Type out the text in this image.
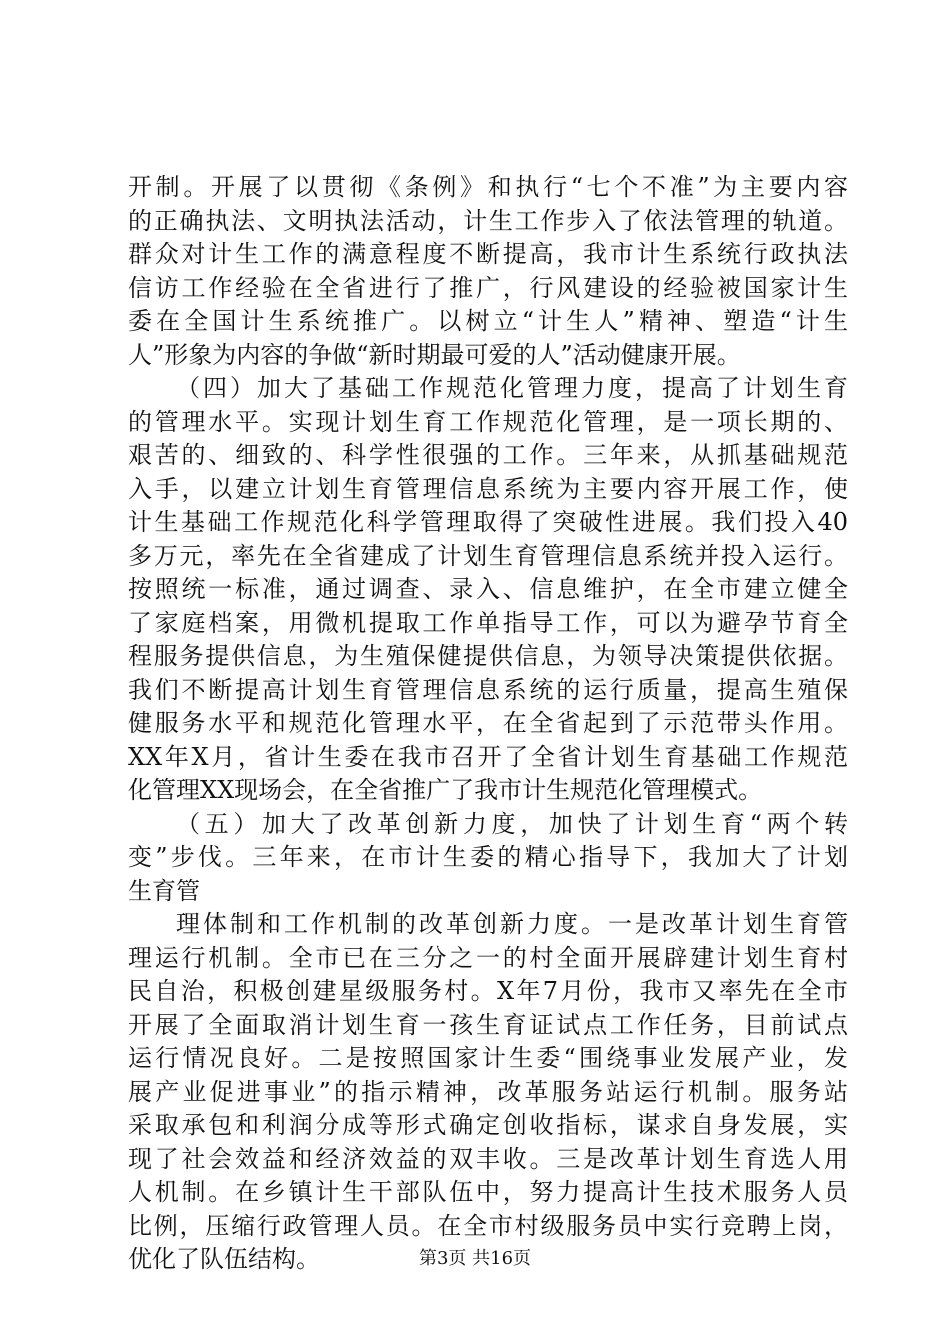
开制。开展了以贯彻《条例》和执行“七个不准”为主要内容
的正确执法、文明执法活动，计生工作步入了依法管理的轨道。
群众对计生工作的满意程度不断提高，我市计生系统行政执法
信访工作经验在全省进行了推广，行风建设的经验被国家计生
委在全国计生系统推广。以树立“计生人”精神、塑造“计生
人”形象为内容的争做“新时期最可爱的人”活动健康开展。
（四）加大了基础工作规范化管理力度，提高了计划生育
的管理水平。实现计划生育工作规范化管理，是一项长期的、
艰苦的、细致的、科学性很强的工作。三年来，从抓基础规范
入手，以建立计划生育管理信息系统为主要内容开展工作，使
计生基础工作规范化科学管理取得了突破性进展。我们投入40
多万元，率先在全省建成了计划生育管理信息系统并投入运行。
按照统一标准，通过调查、录入、信息维护，在全市建立健全
了家庭档案，用微机提取工作单指导工作，可以为避孕节育全
程服务提供信息，为生殖保健提供信息，为领导决策提供依据。
我们不断提高计划生育管理信息系统的运行质量，提高生殖保
健服务水平和规范化管理水平，在全省起到了示范带头作用。
XX年X月，省计生委在我市召开了全省计划生育基础工作规范
化管理XX现场会，在全省推广了我市计生规范化管理模式。
（五）加大了改革创新力度，加快了计划生育“两个转
变”步伐。三年来，在市计生委的精心指导下，我加大了计划
生育管
理体制和工作机制的改革创新力度。一是改革计划生育管
理运行机制。全市已在三分之一的村全面开展辟建计划生育村
民自治，积极创建星级服务村。X年7月份，我市又率先在全市
开展了全面取消计划生育一孩生育证试点工作任务，目前试点
运行情况良好。二是按照国家计生委“围绕事业发展产业，发
展产业促进事业”的指示精神，改革服务站运行机制。服务站
采取承包和利润分成等形式确定创收指标，谋求自身发展，实
现了社会效益和经济效益的双丰收。三是改革计划生育选人用
人机制。在乡镇计生干部队伍中，努力提高计生技术服务人员
比例，压缩行政管理人员。在全市村级服务员中实行竞聘上岗，
优化了队伍结构。	第3页 共16页
